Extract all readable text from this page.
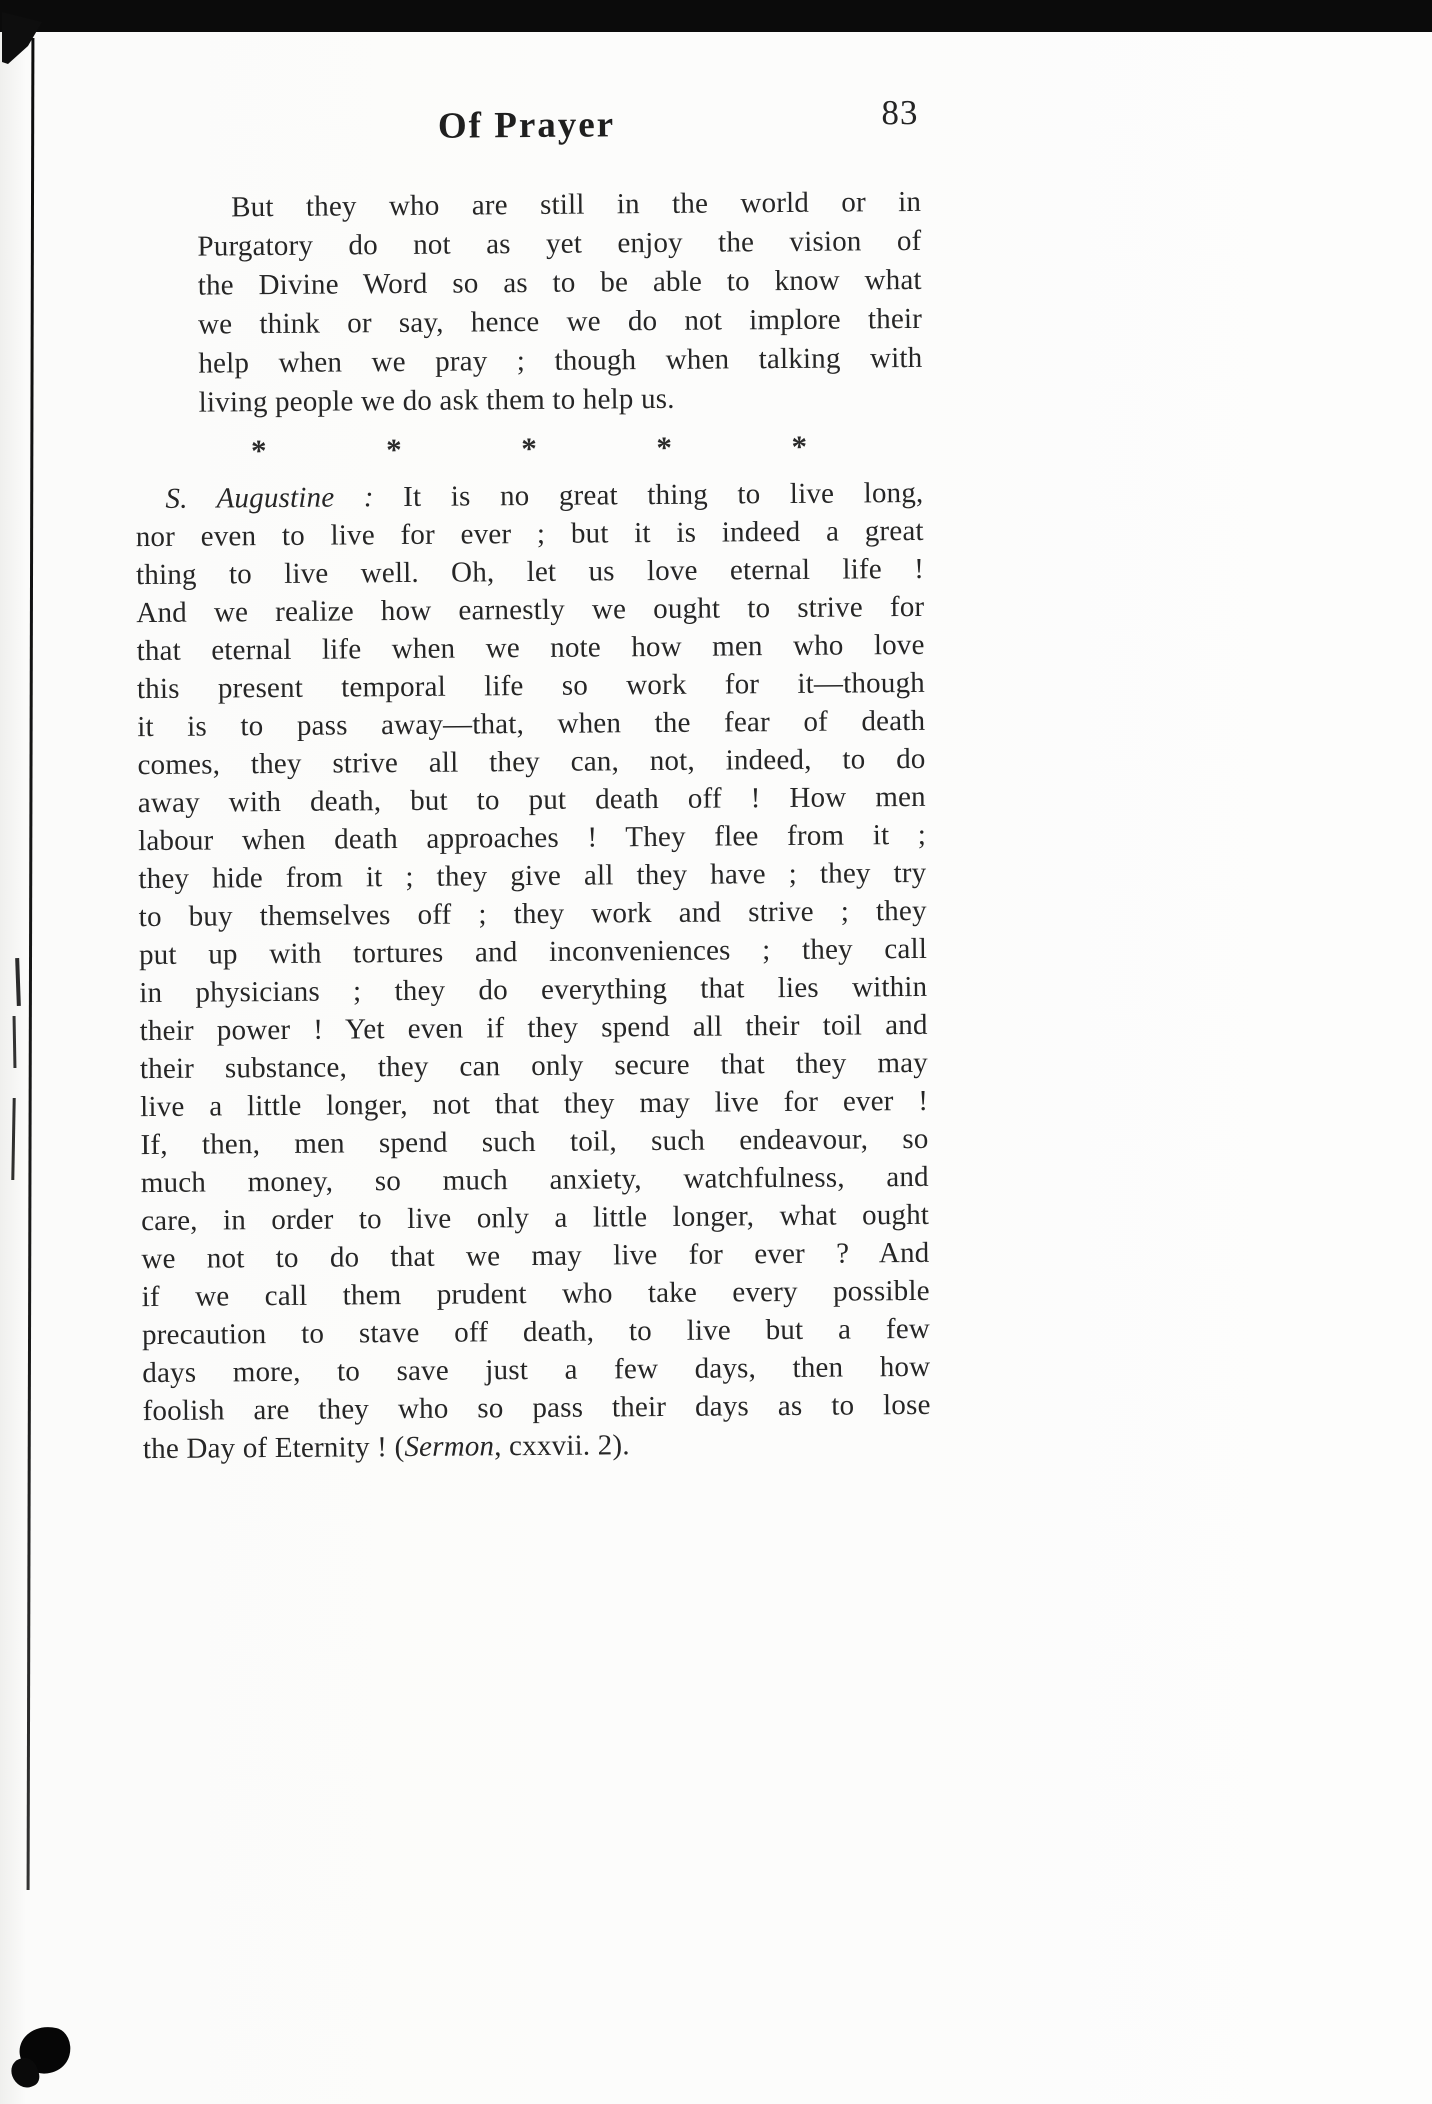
Of Prayer	83
But they who are still in the world or in
Purgatory do not as yet enjoy the vision of
the Divine Word so as to be able to know what
we think or say, hence we do not implore their
help when we pray ; though when talking with
living people we do ask them to help us.
*	*	*	*	*
S. Augustine : It is no great thing to live long,
nor even to live for ever ; but it is indeed a great
thing to live well. Oh, let us love eternal life !
And we realize how earnestly we ought to strive for
that eternal life when we note how men who love
this present temporal life so work for it—though
it is to pass away—that, when the fear of death
comes, they strive all they can, not, indeed, to do
away with death, but to put death off ! How men
labour when death approaches ! They flee from it ;
they hide from it ; they give all they have ; they try
to buy themselves off ; they work and strive ; they
put up with tortures and inconveniences ; they call
in physicians ; they do everything that lies within
their power ! Yet even if they spend all their toil and
their substance, they can only secure that they may
live a little longer, not that they may live for ever !
If, then, men spend such toil, such endeavour, so
much money, so much anxiety, watchfulness, and
care, in order to live only a little longer, what ought
we not to do that we may live for ever ? And
if we call them prudent who take every possible
precaution to stave off death, to live but a few
days more, to save just a few days, then how
foolish are they who so pass their days as to lose
the Day of Eternity ! (Sermon, cxxvii. 2).
